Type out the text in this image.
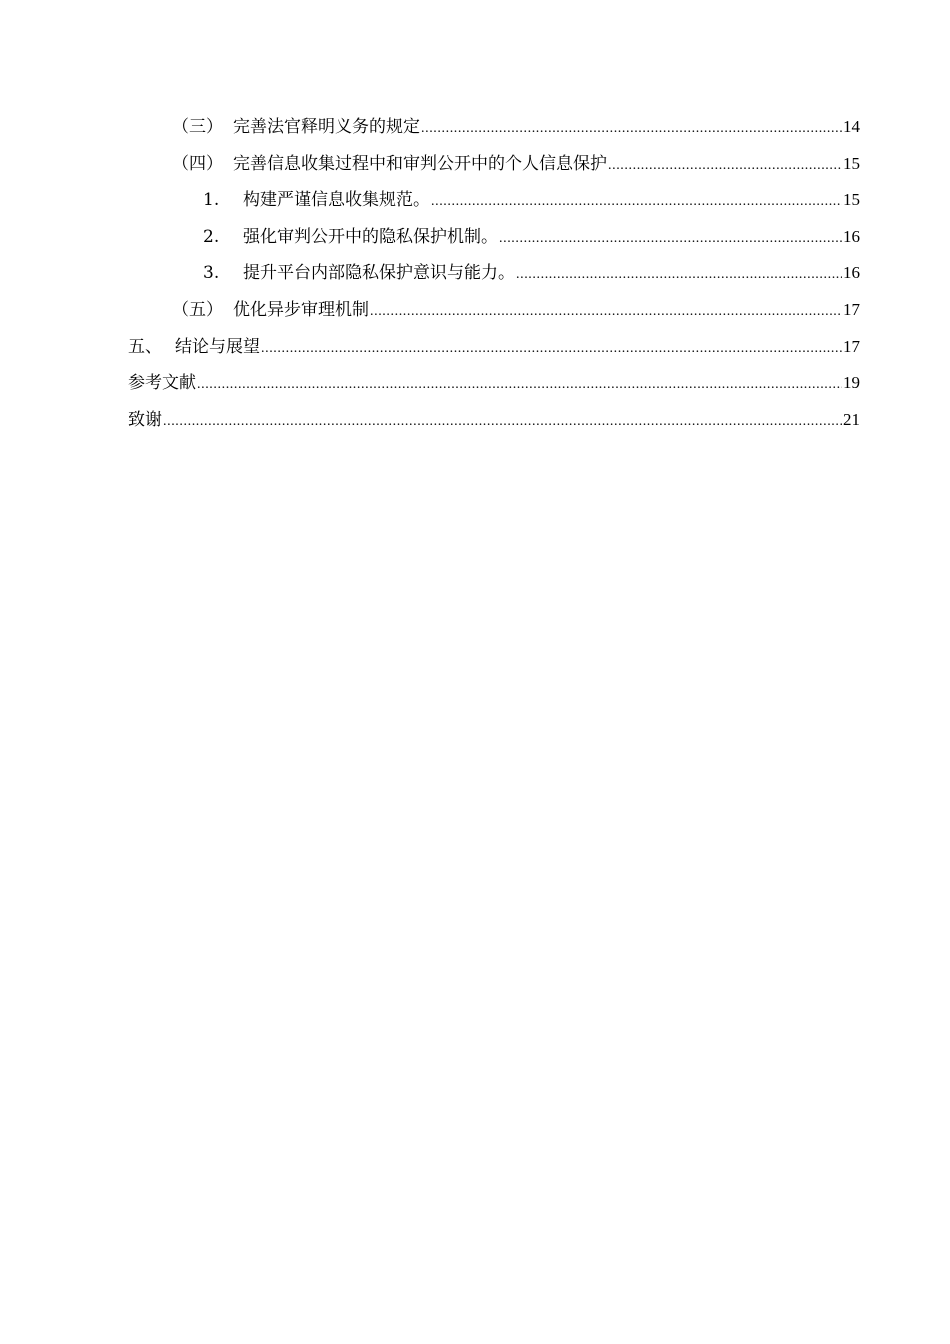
（三） 完善法官释明义务的规定 .....	14
（四） 完善信息收集过程中和审判公开中的个人信息保护 .....	15
1.	构建严谨信息收集规范。 .....	15
2.	强化审判公开中的隐私保护机制。 .....	16
3.	提升平台内部隐私保护意识与能力。 .....	16
（五） 优化异步审理机制 .....	17
五、 结论与展望 .....	17
参考文献 .....	19
致谢 .....	21
